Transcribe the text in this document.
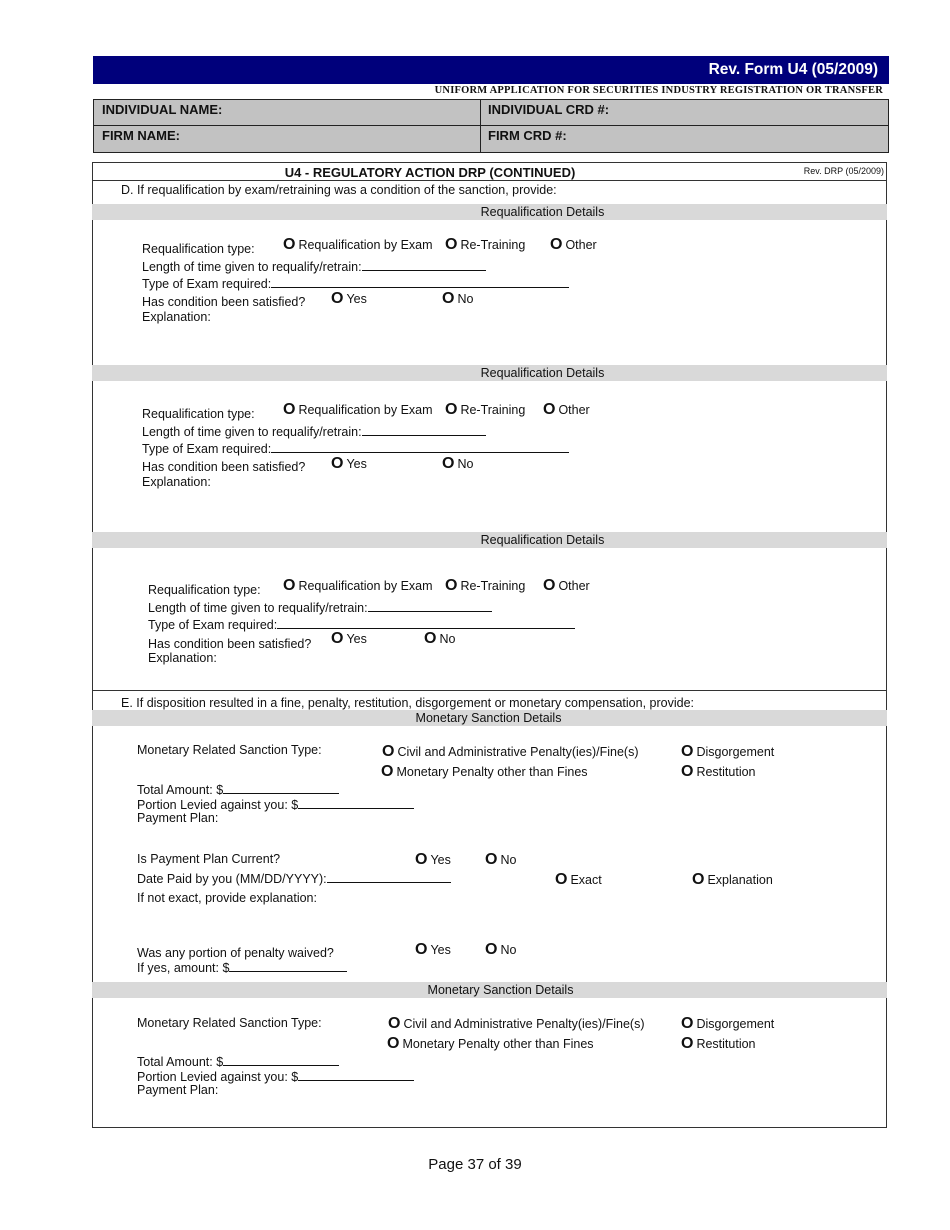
Rev. Form U4 (05/2009)
UNIFORM APPLICATION FOR SECURITIES INDUSTRY REGISTRATION OR TRANSFER
INDIVIDUAL NAME:	INDIVIDUAL CRD #:
FIRM NAME:	FIRM CRD #:
U4 - REGULATORY ACTION DRP (CONTINUED)	Rev. DRP (05/2009)
D. If requalification by exam/retraining was a condition of the sanction, provide:
Requalification Details
Requalification type: O Requalification by Exam O Re-Training O Other
Length of time given to requalify/retrain:
Type of Exam required:
Has condition been satisfied? O Yes	O No
Explanation:
Requalification Details
Requalification type: O Requalification by Exam O Re-Training O Other
Length of time given to requalify/retrain:
Type of Exam required:
Has condition been satisfied? O Yes	O No
Explanation:
Requalification Details
Requalification type: O Requalification by Exam O Re-Training O Other
Length of time given to requalify/retrain:
Type of Exam required:
Has condition been satisfied? O Yes	O No
Explanation:
E. If disposition resulted in a fine, penalty, restitution, disgorgement or monetary compensation, provide:
Monetary Sanction Details
Monetary Related Sanction Type:	O Civil and Administrative Penalty(ies)/Fine(s)	O Disgorgement
O Monetary Penalty other than Fines	O Restitution
Total Amount: $
Portion Levied against you: $
Payment Plan:
Is Payment Plan Current?	O Yes O No
Date Paid by you (MM/DD/YYYY):	O Exact	O Explanation
If not exact, provide explanation:
Was any portion of penalty waived?	O Yes O No
If yes, amount: $
Monetary Sanction Details
Monetary Related Sanction Type:	O Civil and Administrative Penalty(ies)/Fine(s) O Disgorgement
O Monetary Penalty other than Fines	O Restitution
Total Amount: $
Portion Levied against you: $
Payment Plan:
Page 37 of 39
